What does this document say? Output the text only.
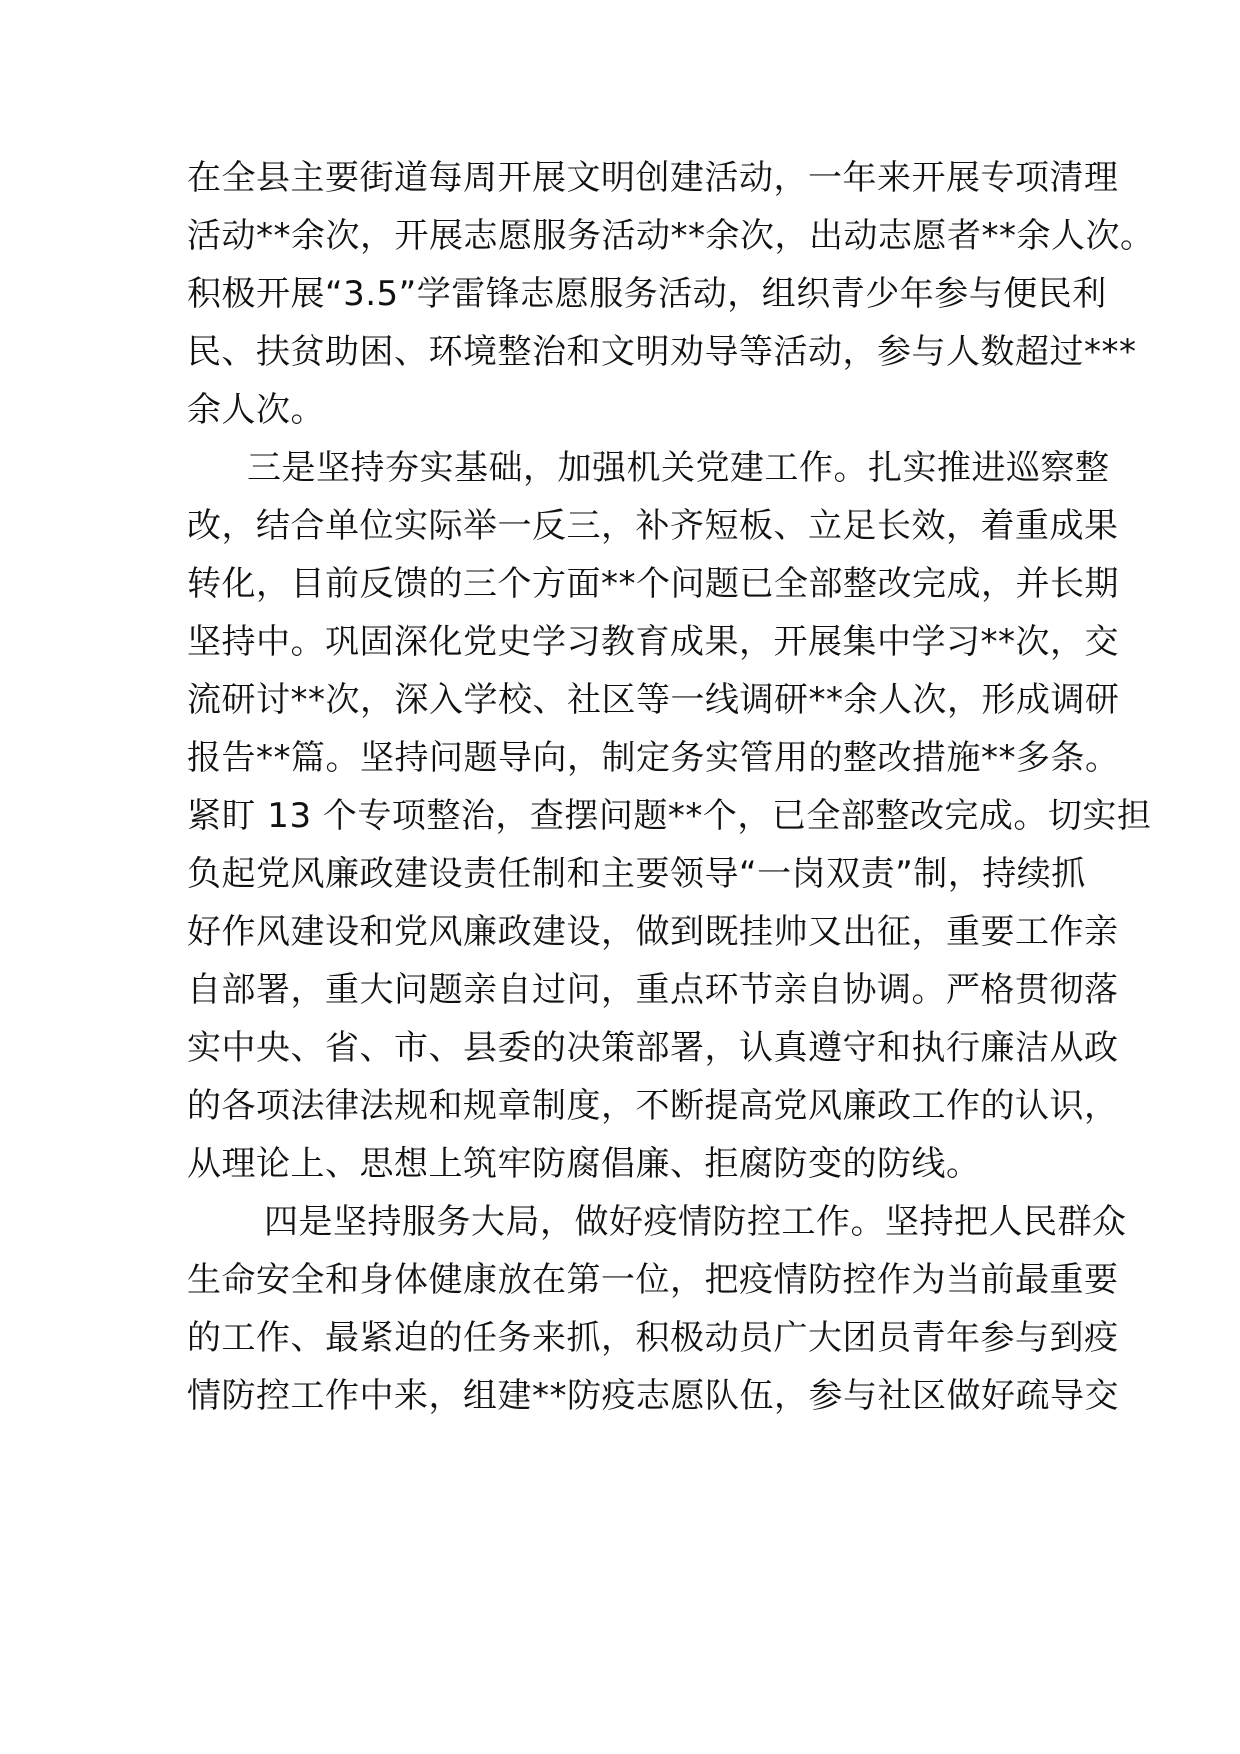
在全县主要街道每周开展文明创建活动，一年来开展专项清理
活动**余次，开展志愿服务活动**余次，出动志愿者**余人次。
积极开展“3.5”学雷锋志愿服务活动，组织青少年参与便民利
民、扶贫助困、环境整治和文明劝导等活动，参与人数超过***
余人次。
三是坚持夯实基础，加强机关党建工作。扎实推进巡察整
改，结合单位实际举一反三，补齐短板、立足长效，着重成果
转化，目前反馈的三个方面**个问题已全部整改完成，并长期
坚持中。巩固深化党史学习教育成果，开展集中学习**次，交
流研讨**次，深入学校、社区等一线调研**余人次，形成调研
报告**篇。坚持问题导向，制定务实管用的整改措施**多条。
紧盯 13 个专项整治，查摆问题**个，已全部整改完成。切实担
负起党风廉政建设责任制和主要领导“一岗双责”制，持续抓
好作风建设和党风廉政建设，做到既挂帅又出征，重要工作亲
自部署，重大问题亲自过问，重点环节亲自协调。严格贯彻落
实中央、省、市、县委的决策部署，认真遵守和执行廉洁从政
的各项法律法规和规章制度，不断提高党风廉政工作的认识，
从理论上、思想上筑牢防腐倡廉、拒腐防变的防线。
四是坚持服务大局，做好疫情防控工作。坚持把人民群众
生命安全和身体健康放在第一位，把疫情防控作为当前最重要
的工作、最紧迫的任务来抓，积极动员广大团员青年参与到疫
情防控工作中来，组建**防疫志愿队伍，参与社区做好疏导交
